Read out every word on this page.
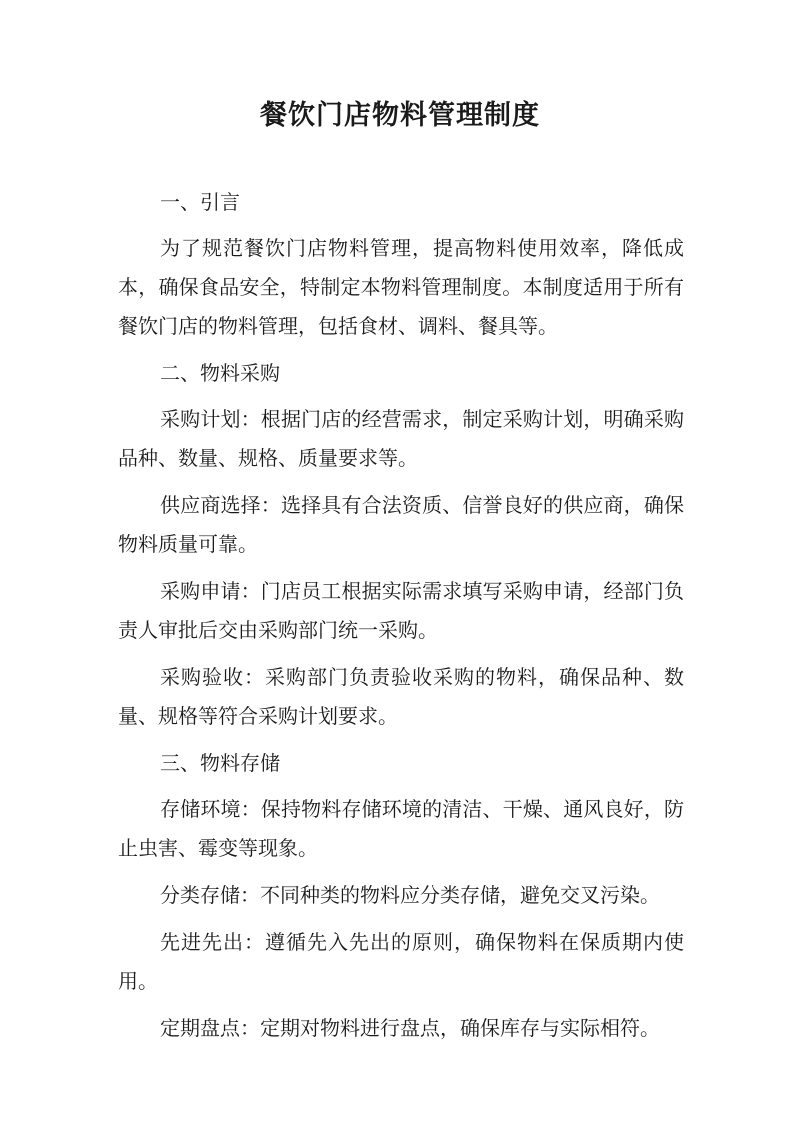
餐饮门店物料管理制度

一、引言

为了规范餐饮门店物料管理，提高物料使用效率，降低成本，确保食品安全，特制定本物料管理制度。本制度适用于所有餐饮门店的物料管理，包括食材、调料、餐具等。

二、物料采购

采购计划：根据门店的经营需求，制定采购计划，明确采购品种、数量、规格、质量要求等。

供应商选择：选择具有合法资质、信誉良好的供应商，确保物料质量可靠。

采购申请：门店员工根据实际需求填写采购申请，经部门负责人审批后交由采购部门统一采购。

采购验收：采购部门负责验收采购的物料，确保品种、数量、规格等符合采购计划要求。

三、物料存储

存储环境：保持物料存储环境的清洁、干燥、通风良好，防止虫害、霉变等现象。

分类存储：不同种类的物料应分类存储，避免交叉污染。

先进先出：遵循先入先出的原则，确保物料在保质期内使用。

定期盘点：定期对物料进行盘点，确保库存与实际相符。
